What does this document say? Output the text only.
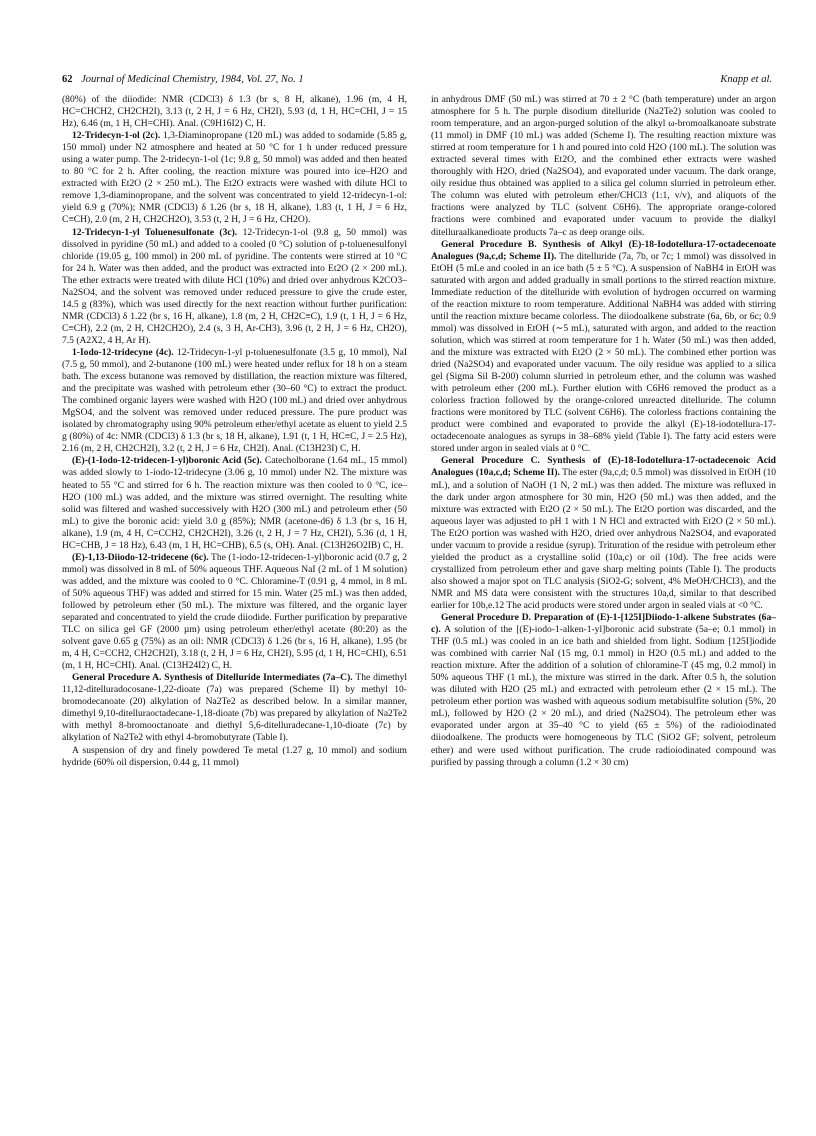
62 Journal of Medicinal Chemistry, 1984, Vol. 27, No. 1	Knapp et al.

(80%) of the diiodide: NMR (CDCl3) δ 1.3 (br s, 8 H, alkane), 1.96 (m, 4 H, HC=CHCH2, CH2CH2I), 3.13 (t, 2 H, J = 6 Hz, CH2I), 5.93 (d, 1 H, HC=CHI, J = 15 Hz), 6.46 (m, 1 H, CH=CHI). Anal. (C9H16I2) C, H.

12-Tridecyn-1-ol (2c). 1,3-Diaminopropane (120 mL) was added to sodamide (5.85 g, 150 mmol) under N2 atmosphere and heated at 50 °C for 1 h under reduced pressure using a water pump. The 2-tridecyn-1-ol (1c; 9.8 g, 50 mmol) was added and then heated to 80 °C for 2 h. After cooling, the reaction mixture was poured into ice–H2O and extracted with Et2O (2 × 250 mL). The Et2O extracts were washed with dilute HCl to remove 1,3-diaminopropane, and the solvent was concentrated to yield 12-tridecyn-1-ol: yield 6.9 g (70%); NMR (CDCl3) δ 1.26 (br s, 18 H, alkane), 1.83 (t, 1 H, J = 6 Hz, C≡CH), 2.0 (m, 2 H, CH2CH2O), 3.53 (t, 2 H, J = 6 Hz, CH2O).

12-Tridecyn-1-yl Toluenesulfonate (3c). 12-Tridecyn-1-ol (9.8 g, 50 mmol) was dissolved in pyridine (50 mL) and added to a cooled (0 °C) solution of p-toluenesulfonyl chloride (19.05 g, 100 mmol) in 200 mL of pyridine. The contents were stirred at 10 °C for 24 h. Water was then added, and the product was extracted into Et2O (2 × 200 mL). The ether extracts were treated with dilute HCl (10%) and dried over anhydrous K2CO3–Na2SO4, and the solvent was removed under reduced pressure to give the crude ester, 14.5 g (83%), which was used directly for the next reaction without further purification: NMR (CDCl3) δ 1.22 (br s, 16 H, alkane), 1.8 (m, 2 H, CH2C≡C), 1.9 (t, 1 H, J = 6 Hz, C≡CH), 2.2 (m, 2 H, CH2CH2O), 2.4 (s, 3 H, Ar-CH3), 3.96 (t, 2 H, J = 6 Hz, CH2O), 7.5 (A2X2, 4 H, Ar H).

1-Iodo-12-tridecyne (4c). 12-Tridecyn-1-yl p-toluenesulfonate (3.5 g, 10 mmol), NaI (7.5 g, 50 mmol), and 2-butanone (100 mL) were heated under reflux for 18 h on a steam bath. The excess butanone was removed by distillation, the reaction mixture was filtered, and the precipitate was washed with petroleum ether (30–60 °C) to extract the product. The combined organic layers were washed with H2O (100 mL) and dried over anhydrous MgSO4, and the solvent was removed under reduced pressure. The pure product was isolated by chromatography using 90% petroleum ether/ethyl acetate as eluent to yield 2.5 g (80%) of 4c: NMR (CDCl3) δ 1.3 (br s, 18 H, alkane), 1.91 (t, 1 H, HC≡C, J = 2.5 Hz), 2.16 (m, 2 H, CH2CH2I), 3.2 (t, 2 H, J = 6 Hz, CH2I). Anal. (C13H23I) C, H.

(E)-(1-Iodo-12-tridecen-1-yl)boronic Acid (5c). Catecholborane (1.64 mL, 15 mmol) was added slowly to 1-iodo-12-tridecyne (3.06 g, 10 mmol) under N2. The mixture was heated to 55 °C and stirred for 6 h. The reaction mixture was then cooled to 0 °C, ice–H2O (100 mL) was added, and the mixture was stirred overnight. The resulting white solid was filtered and washed successively with H2O (300 mL) and petroleum ether (50 mL) to give the boronic acid: yield 3.0 g (85%); NMR (acetone-d6) δ 1.3 (br s, 16 H, alkane), 1.9 (m, 4 H, C=CCH2, CH2CH2I), 3.26 (t, 2 H, J = 7 Hz, CH2I), 5.36 (d, 1 H, HC=CHB, J = 18 Hz), 6.43 (m, 1 H, HC=CHB), 6.5 (s, OH). Anal. (C13H26O2IB) C, H.

(E)-1,13-Diiodo-12-tridecene (6c). The (1-iodo-12-tridecen-1-yl)boronic acid (0.7 g, 2 mmol) was dissolved in 8 mL of 50% aqueous THF. Aqueous NaI (2 mL of 1 M solution) was added, and the mixture was cooled to 0 °C. Chloramine-T (0.91 g, 4 mmol, in 8 mL of 50% aqueous THF) was added and stirred for 15 min. Water (25 mL) was then added, followed by petroleum ether (50 mL). The mixture was filtered, and the organic layer separated and concentrated to yield the crude diiodide. Further purification by preparative TLC on silica gel GF (2000 µm) using petroleum ether/ethyl acetate (80:20) as the solvent gave 0.65 g (75%) as an oil: NMR (CDCl3) δ 1.26 (br s, 16 H, alkane), 1.95 (br m, 4 H, C=CCH2, CH2CH2I), 3.18 (t, 2 H, J = 6 Hz, CH2I), 5.95 (d, 1 H, HC=CHI), 6.51 (m, 1 H, HC=CHI). Anal. (C13H24I2) C, H.

General Procedure A. Synthesis of Ditelluride Intermediates (7a–C). The dimethyl 11,12-ditelluradocosane-1,22-dioate (7a) was prepared (Scheme II) by methyl 10-bromodecanoate (20) alkylation of Na2Te2 as described below. In a similar manner, dimethyl 9,10-ditelluraoctadecane-1,18-dioate (7b) was prepared by alkylation of Na2Te2 with methyl 8-bromooctanoate and diethyl 5,6-ditelluradecane-1,10-dioate (7c) by alkylation of Na2Te2 with ethyl 4-bromobutyrate (Table I).

A suspension of dry and finely powdered Te metal (1.27 g, 10 mmol) and sodium hydride (60% oil dispersion, 0.44 g, 11 mmol)

in anhydrous DMF (50 mL) was stirred at 70 ± 2 °C (bath temperature) under an argon atmosphere for 5 h. The purple disodium ditelluride (Na2Te2) solution was cooled to room temperature, and an argon-purged solution of the alkyl ω-bromoalkanoate substrate (11 mmol) in DMF (10 mL) was added (Scheme I). The resulting reaction mixture was stirred at room temperature for 1 h and poured into cold H2O (100 mL). The solution was extracted several times with Et2O, and the combined ether extracts were washed thoroughly with H2O, dried (Na2SO4), and evaporated under vacuum. The dark orange, oily residue thus obtained was applied to a silica gel column slurried in petroleum ether. The column was eluted with petroleum ether/CHCl3 (1:1, v/v), and aliquots of the fractions were analyzed by TLC (solvent C6H6). The appropriate orange-colored fractions were combined and evaporated under vacuum to provide the dialkyl ditelluraalkanedioate products 7a–c as deep orange oils.

General Procedure B. Synthesis of Alkyl (E)-18-Iodotellura-17-octadecenoate Analogues (9a,c,d; Scheme II). The ditelluride (7a, 7b, or 7c; 1 mmol) was dissolved in EtOH (5 mLe and cooled in an ice bath (5 ± 5 °C). A suspension of NaBH4 in EtOH was saturated with argon and added gradually in small portions to the stirred reaction mixture. Immediate reduction of the ditelluride with evolution of hydrogen occurred on warming of the reaction mixture to room temperature. Additional NaBH4 was added with stirring until the reaction mixture became colorless. The diiodoalkene substrate (6a, 6b, or 6c; 0.9 mmol) was dissolved in EtOH (∼5 mL), saturated with argon, and added to the reaction solution, which was stirred at room temperature for 1 h. Water (50 mL) was then added, and the mixture was extracted with Et2O (2 × 50 mL). The combined ether portion was dried (Na2SO4) and evaporated under vacuum. The oily residue was applied to a silica gel (Sigma Sil B-200) column slurried in petroleum ether, and the column was washed with petroleum ether (200 mL). Further elution with C6H6 removed the product as a colorless fraction followed by the orange-colored unreacted ditelluride. The column fractions were monitored by TLC (solvent C6H6). The colorless fractions containing the product were combined and evaporated to provide the alkyl (E)-18-iodotellura-17-octadecenoate analogues as syrups in 38–68% yield (Table I). The fatty acid esters were stored under argon in sealed vials at 0 °C.

General Procedure C. Synthesis of (E)-18-Iodotellura-17-octadecenoic Acid Analogues (10a,c,d; Scheme II). The ester (9a,c,d; 0.5 mmol) was dissolved in EtOH (10 mL), and a solution of NaOH (1 N, 2 mL) was then added. The mixture was refluxed in the dark under argon atmosphere for 30 min, H2O (50 mL) was then added, and the mixture was extracted with Et2O (2 × 50 mL). The Et2O portion was discarded, and the aqueous layer was adjusted to pH 1 with 1 N HCl and extracted with Et2O (2 × 50 mL). The Et2O portion was washed with H2O, dried over anhydrous Na2SO4, and evaporated under vacuum to provide a residue (syrup). Trituration of the residue with petroleum ether yielded the product as a crystalline solid (10a,c) or oil (10d). The free acids were crystallized from petroleum ether and gave sharp melting points (Table I). The products also showed a major spot on TLC analysis (SiO2-G; solvent, 4% MeOH/CHCl3), and the NMR and MS data were consistent with the structures 10a,d, similar to that described earlier for 10b,e.12 The acid products were stored under argon in sealed vials at <0 °C.

General Procedure D. Preparation of (E)-1-[125I]Diiodo-1-alkene Substrates (6a–c). A solution of the [(E)-iodo-1-alken-1-yl]boronic acid substrate (5a–e; 0.1 mmol) in THF (0.5 mL) was cooled in an ice bath and shielded from light. Sodium [125I]iodide was combined with carrier NaI (15 mg, 0.1 mmol) in H2O (0.5 mL) and added to the reaction mixture. After the addition of a solution of chloramine-T (45 mg, 0.2 mmol) in 50% aqueous THF (1 mL), the mixture was stirred in the dark. After 0.5 h, the solution was diluted with H2O (25 mL) and extracted with petroleum ether (2 × 15 mL). The petroleum ether portion was washed with aqueous sodium metabisulfite solution (5%, 20 mL), followed by H2O (2 × 20 mL), and dried (Na2SO4). The petroleum ether was evaporated under argon at 35–40 °C to yield (65 ± 5%) of the radioiodinated diiodoalkene. The products were homogeneous by TLC (SiO2 GF; solvent, petroleum ether) and were used without purification. The crude radioiodinated compound was purified by passing through a column (1.2 × 30 cm)
